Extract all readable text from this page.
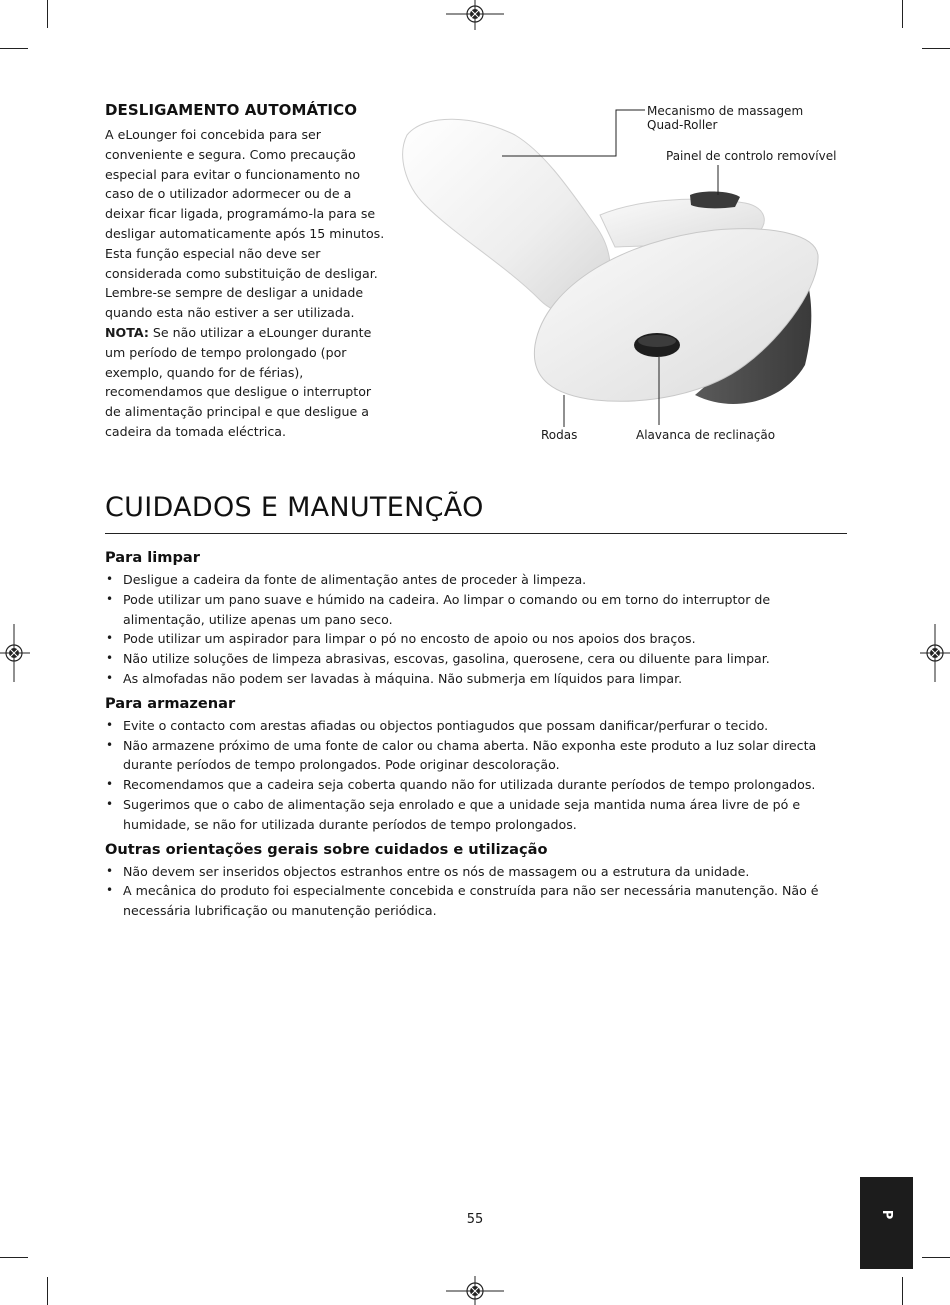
DESLIGAMENTO AUTOMÁTICO

A eLounger foi concebida para ser conveniente e segura. Como precaução especial para evitar o funcionamento no caso de o utilizador adormecer ou de a deixar ficar ligada, programámo-la para se desligar automaticamente após 15 minutos. Esta função especial não deve ser considerada como substituição de desligar. Lembre-se sempre de desligar a unidade quando esta não estiver a ser utilizada.

NOTA: Se não utilizar a eLounger durante um período de tempo prolongado (por exemplo, quando for de férias), recomendamos que desligue o interruptor de alimentação principal e que desligue a cadeira da tomada eléctrica.

Mecanismo de massagem
Quad-Roller
Painel de controlo removível
Rodas	Alavanca de reclinação
CUIDADOS E MANUTENÇÃO
Para limpar
• Desligue a cadeira da fonte de alimentação antes de proceder à limpeza.
• Pode utilizar um pano suave e húmido na cadeira. Ao limpar o comando ou em torno do interruptor de alimentação, utilize apenas um pano seco.
• Pode utilizar um aspirador para limpar o pó no encosto de apoio ou nos apoios dos braços.
• Não utilize soluções de limpeza abrasivas, escovas, gasolina, querosene, cera ou diluente para limpar.
• As almofadas não podem ser lavadas à máquina. Não submerja em líquidos para limpar.
Para armazenar
• Evite o contacto com arestas afiadas ou objectos pontiagudos que possam danificar/perfurar o tecido.
• Não armazene próximo de uma fonte de calor ou chama aberta. Não exponha este produto a luz solar directa durante períodos de tempo prolongados. Pode originar descoloração.
• Recomendamos que a cadeira seja coberta quando não for utilizada durante períodos de tempo prolongados.
• Sugerimos que o cabo de alimentação seja enrolado e que a unidade seja mantida numa área livre de pó e humidade, se não for utilizada durante períodos de tempo prolongados.
Outras orientações gerais sobre cuidados e utilização
• Não devem ser inseridos objectos estranhos entre os nós de massagem ou a estrutura da unidade.
• A mecânica do produto foi especialmente concebida e construída para não ser necessária manutenção. Não é necessária lubrificação ou manutenção periódica.
55	P
